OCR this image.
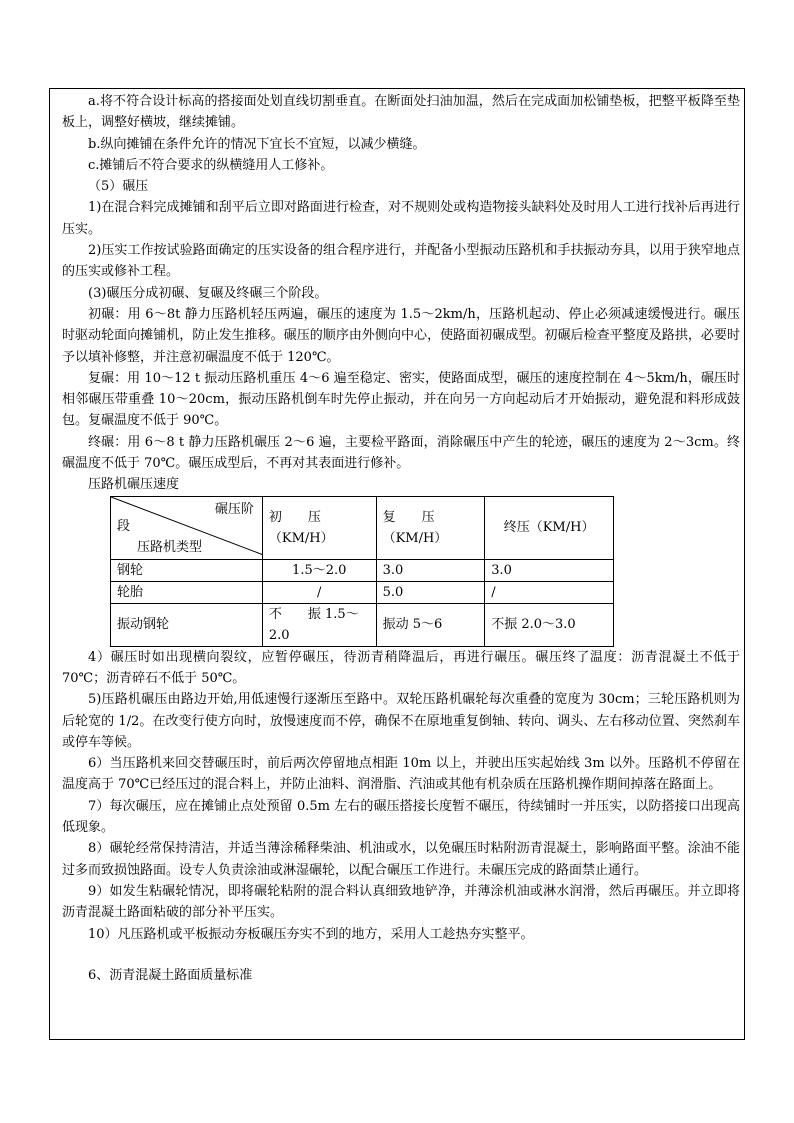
a.将不符合设计标高的搭接面处划直线切割垂直。在断面处扫油加温，然后在完成面加松铺垫板，把整平板降至垫板上，调整好横坡，继续摊铺。

b.纵向摊铺在条件允许的情况下宜长不宜短，以减少横缝。

c.摊铺后不符合要求的纵横缝用人工修补。

（5）碾压

1)在混合料完成摊铺和刮平后立即对路面进行检查，对不规则处或构造物接头缺料处及时用人工进行找补后再进行压实。

2)压实工作按试验路面确定的压实设备的组合程序进行，并配备小型振动压路机和手扶振动夯具，以用于狭窄地点的压实或修补工程。

(3)碾压分成初碾、复碾及终碾三个阶段。

初碾：用 6～8t 静力压路机轻压两遍，碾压的速度为 1.5～2km/h，压路机起动、停止必须减速缓慢进行。碾压时驱动轮面向摊铺机，防止发生推移。碾压的顺序由外侧向中心，使路面初碾成型。初碾后检查平整度及路拱，必要时予以填补修整，并注意初碾温度不低于 120℃。

复碾：用 10～12 t 振动压路机重压 4～6 遍至稳定、密实，使路面成型，碾压的速度控制在 4～5km/h，碾压时相邻碾压带重叠 10～20cm，振动压路机倒车时先停止振动，并在向另一方向起动后才开始振动，避免混和料形成鼓包。复碾温度不低于 90℃。

终碾：用 6～8 t 静力压路机碾压 2～6 遍，主要检平路面，消除碾压中产生的轮迹，碾压的速度为 2～3cm。终碾温度不低于 70℃。碾压成型后，不再对其表面进行修补。

压路机碾压速度

碾压阶
段
压路机类型	初　　压（KM/H）	复　　压（KM/H）	终压（KM/H）
钢轮	1.5～2.0	3.0	3.0
轮胎	/	5.0	/
振动钢轮	不　　振 1.5～2.0	振动 5～6	不振 2.0～3.0

4）碾压时如出现横向裂纹，应暂停碾压，待沥青稍降温后，再进行碾压。碾压终了温度：沥青混凝土不低于 70℃；沥青碎石不低于 50℃。

5)压路机碾压由路边开始,用低速慢行逐渐压至路中。双轮压路机碾轮每次重叠的宽度为 30cm；三轮压路机则为后轮宽的 1/2。在改变行使方向时，放慢速度而不停，确保不在原地重复倒轴、转向、调头、左右移动位置、突然刹车或停车等候。

6）当压路机来回交替碾压时，前后两次停留地点相距 10m 以上，并驶出压实起始线 3m 以外。压路机不停留在温度高于 70℃已经压过的混合料上，并防止油料、润滑脂、汽油或其他有机杂质在压路机操作期间掉落在路面上。

7）每次碾压，应在摊铺止点处预留 0.5m 左右的碾压搭接长度暂不碾压，待续铺时一并压实，以防搭接口出现高低现象。

8）碾轮经常保持清洁，并适当薄涂稀释柴油、机油或水，以免碾压时粘附沥青混凝土，影响路面平整。涂油不能过多而致损蚀路面。设专人负责涂油或淋湿碾轮，以配合碾压工作进行。未碾压完成的路面禁止通行。

9）如发生粘碾轮情况，即将碾轮粘附的混合料认真细致地铲净，并薄涂机油或淋水润滑，然后再碾压。并立即将沥青混凝土路面粘破的部分补平压实。

10）凡压路机或平板振动夯板碾压夯实不到的地方，采用人工趁热夯实整平。

6、沥青混凝土路面质量标准
